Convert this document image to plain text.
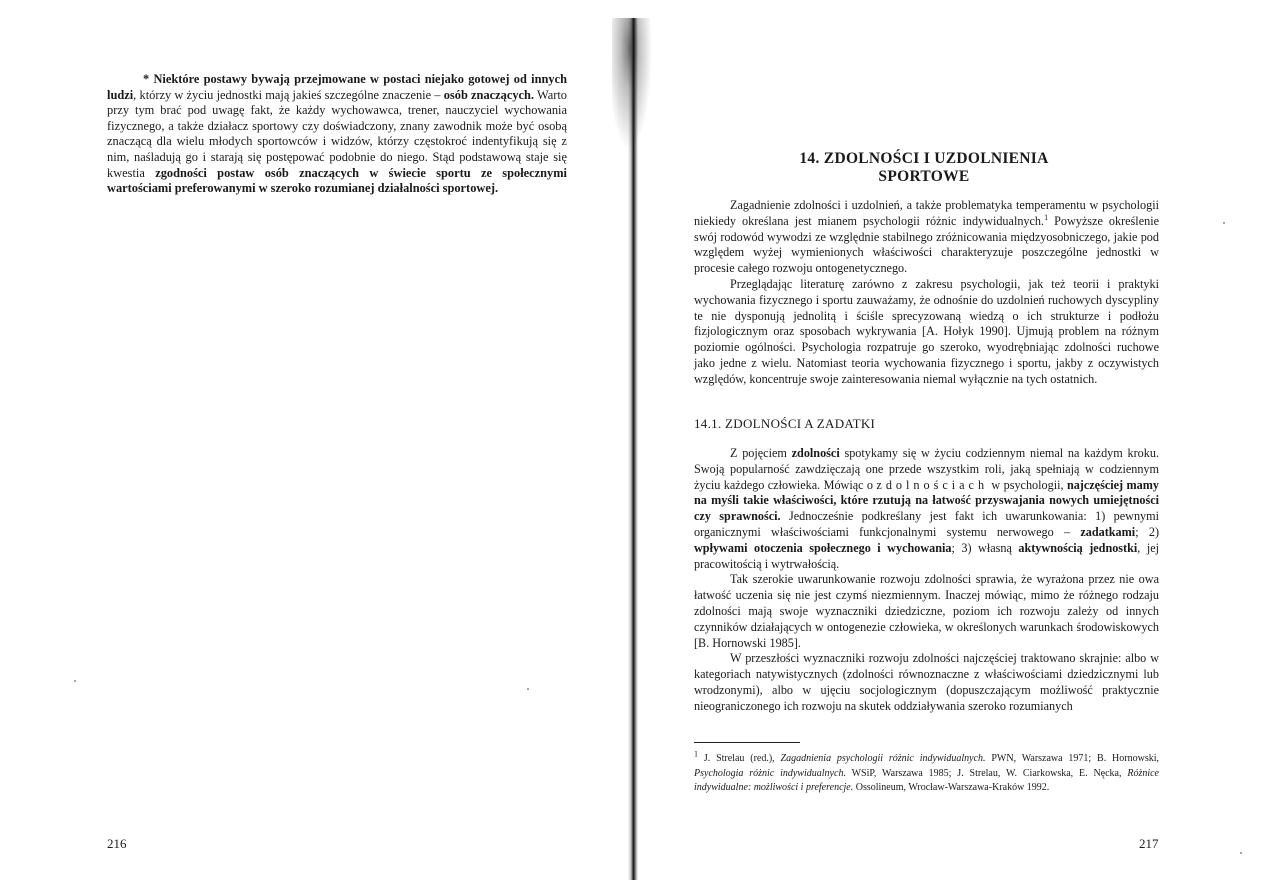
* Niektóre postawy bywają przejmowane w postaci niejako gotowej od innych ludzi, którzy w życiu jednostki mają jakieś szczególne znaczenie – osób znaczących. Warto przy tym brać pod uwagę fakt, że każdy wychowawca, trener, nauczyciel wychowania fizycznego, a także działacz sportowy czy doświadczony, znany zawodnik może być osobą znaczącą dla wielu młodych sportowców i widzów, którzy częstokroć indentyfikują się z nim, naśladują go i starają się postępować podobnie do niego. Stąd podstawową staje się kwestia zgodności postaw osób znaczących w świecie sportu ze społecznymi wartościami preferowanymi w szeroko rozumianej działalności sportowej.

216
14. ZDOLNOŚCI I UZDOLNIENIA SPORTOWE

Zagadnienie zdolności i uzdolnień, a także problematyka temperamentu w psychologii niekiedy określana jest mianem psychologii różnic indywidualnych.$^1$ Powyższe określenie swój rodowód wywodzi ze względnie stabilnego zróżnicowania międzyosobniczego, jakie pod względem wyżej wymienionych właściwości charakteryzuje poszczególne jednostki w procesie całego rozwoju ontogenetycznego.

Przeglądając literaturę zarówno z zakresu psychologii, jak też teorii i praktyki wychowania fizycznego i sportu zauważamy, że odnośnie do uzdolnień ruchowych dyscypliny te nie dysponują jednolitą i ściśle sprecyzowaną wiedzą o ich strukturze i podłożu fizjologicznym oraz sposobach wykrywania [A. Hołyk 1990]. Ujmują problem na różnym poziomie ogólności. Psychologia rozpatruje go szeroko, wyodrębniając zdolności ruchowe jako jedne z wielu. Natomiast teoria wychowania fizycznego i sportu, jakby z oczywistych względów, koncentruje swoje zainteresowania niemal wyłącznie na tych ostatnich.

14.1. ZDOLNOŚCI A ZADATKI

Z pojęciem zdolności spotykamy się w życiu codziennym niemal na każdym kroku. Swoją popularność zawdzięczają one przede wszystkim roli, jaką spełniają w codziennym życiu każdego człowieka. Mówiąc o zdolnościach w psychologii, najczęściej mamy na myśli takie właściwości, które rzutują na łatwość przyswajania nowych umiejętności czy sprawności. Jednocześnie podkreślany jest fakt ich uwarunkowania: 1) pewnymi organicznymi właściwościami funkcjonalnymi systemu nerwowego – zadatkami; 2) wpływami otoczenia społecznego i wychowania; 3) własną aktywnością jednostki, jej pracowitością i wytrwałością.

Tak szerokie uwarunkowanie rozwoju zdolności sprawia, że wyrażona przez nie owa łatwość uczenia się nie jest czymś niezmiennym. Inaczej mówiąc, mimo że różnego rodzaju zdolności mają swoje wyznaczniki dziedziczne, poziom ich rozwoju zależy od innych czynników działających w ontogenezie człowieka, w określonych warunkach środowiskowych [B. Hornowski 1985].

W przeszłości wyznaczniki rozwoju zdolności najczęściej traktowano skrajnie: albo w kategoriach natywistycznych (zdolności równoznaczne z właściwościami dziedzicznymi lub wrodzonymi), albo w ujęciu socjologicznym (dopuszczającym możliwość praktycznie nieograniczonego ich rozwoju na skutek oddziaływania szeroko rozumianych

$^1$ J. Strelau (red.), Zagadnienia psychologii różnic indywidualnych. PWN, Warszawa 1971; B. Hornowski, Psychologia różnic indywidualnych. WSiP, Warszawa 1985; J. Strelau, W. Ciarkowska, E. Nęcka, Różnice indywidualne: możliwości i preferencje. Ossolineum, Wrocław-Warszawa-Kraków 1992.
217
